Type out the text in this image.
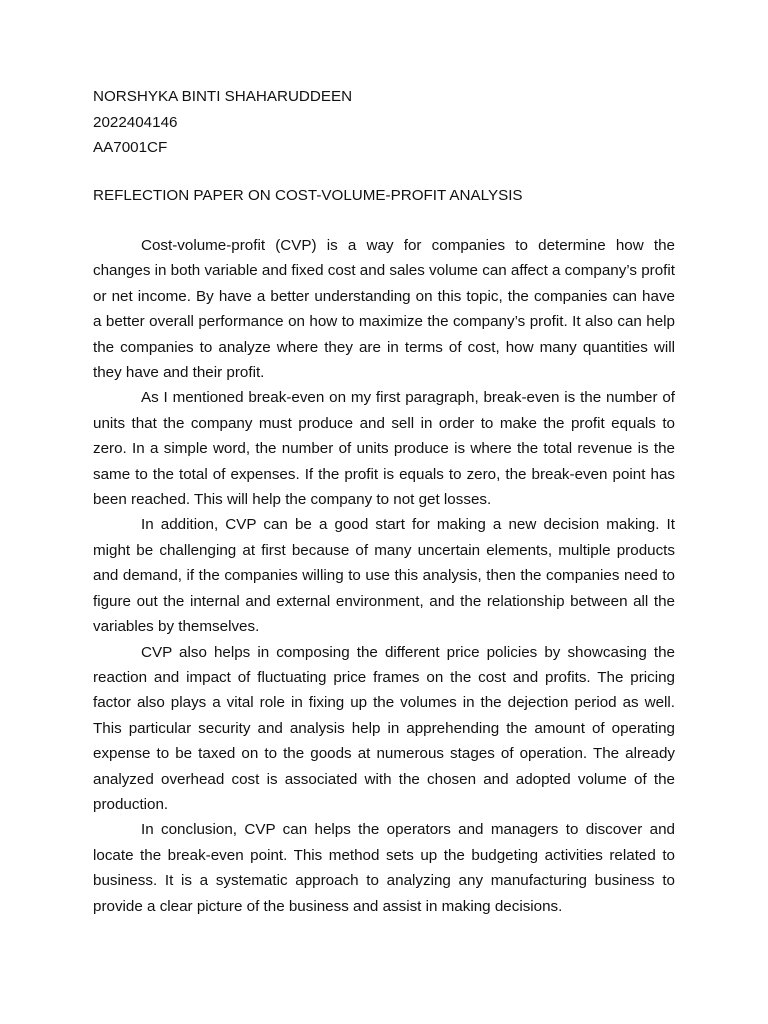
NORSHYKA BINTI SHAHARUDDEEN
2022404146
AA7001CF
REFLECTION PAPER ON COST-VOLUME-PROFIT ANALYSIS

Cost-volume-profit (CVP) is a way for companies to determine how the changes in both variable and fixed cost and sales volume can affect a company’s profit or net income. By have a better understanding on this topic, the companies can have a better overall performance on how to maximize the company’s profit. It also can help the companies to analyze where they are in terms of cost, how many quantities will they have and their profit.

As I mentioned break-even on my first paragraph, break-even is the number of units that the company must produce and sell in order to make the profit equals to zero. In a simple word, the number of units produce is where the total revenue is the same to the total of expenses. If the profit is equals to zero, the break-even point has been reached. This will help the company to not get losses.

In addition, CVP can be a good start for making a new decision making. It might be challenging at first because of many uncertain elements, multiple products and demand, if the companies willing to use this analysis, then the companies need to figure out the internal and external environment, and the relationship between all the variables by themselves.

CVP also helps in composing the different price policies by showcasing the reaction and impact of fluctuating price frames on the cost and profits. The pricing factor also plays a vital role in fixing up the volumes in the dejection period as well. This particular security and analysis help in apprehending the amount of operating expense to be taxed on to the goods at numerous stages of operation. The already analyzed overhead cost is associated with the chosen and adopted volume of the production.

In conclusion, CVP can helps the operators and managers to discover and locate the break-even point. This method sets up the budgeting activities related to business. It is a systematic approach to analyzing any manufacturing business to provide a clear picture of the business and assist in making decisions.
